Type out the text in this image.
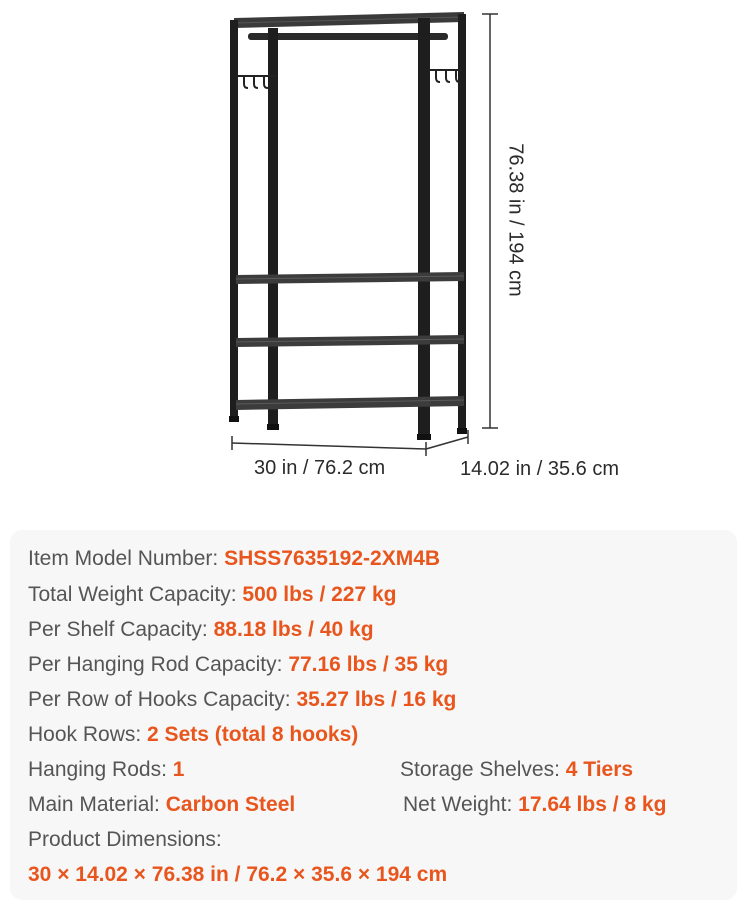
30 in / 76.2 cm	14.02 in / 35.6 cm
76.38 in / 194 cm
Item Model Number: SHSS7635192-2XM4B
Total Weight Capacity: 500 lbs / 227 kg
Per Shelf Capacity: 88.18 lbs / 40 kg
Per Hanging Rod Capacity: 77.16 lbs / 35 kg
Per Row of Hooks Capacity: 35.27 lbs / 16 kg
Hook Rows: 2 Sets (total 8 hooks)
Hanging Rods: 1	Storage Shelves: 4 Tiers
Main Material: Carbon Steel	Net Weight: 17.64 lbs / 8 kg
Product Dimensions:
30 × 14.02 × 76.38 in / 76.2 × 35.6 × 194 cm
